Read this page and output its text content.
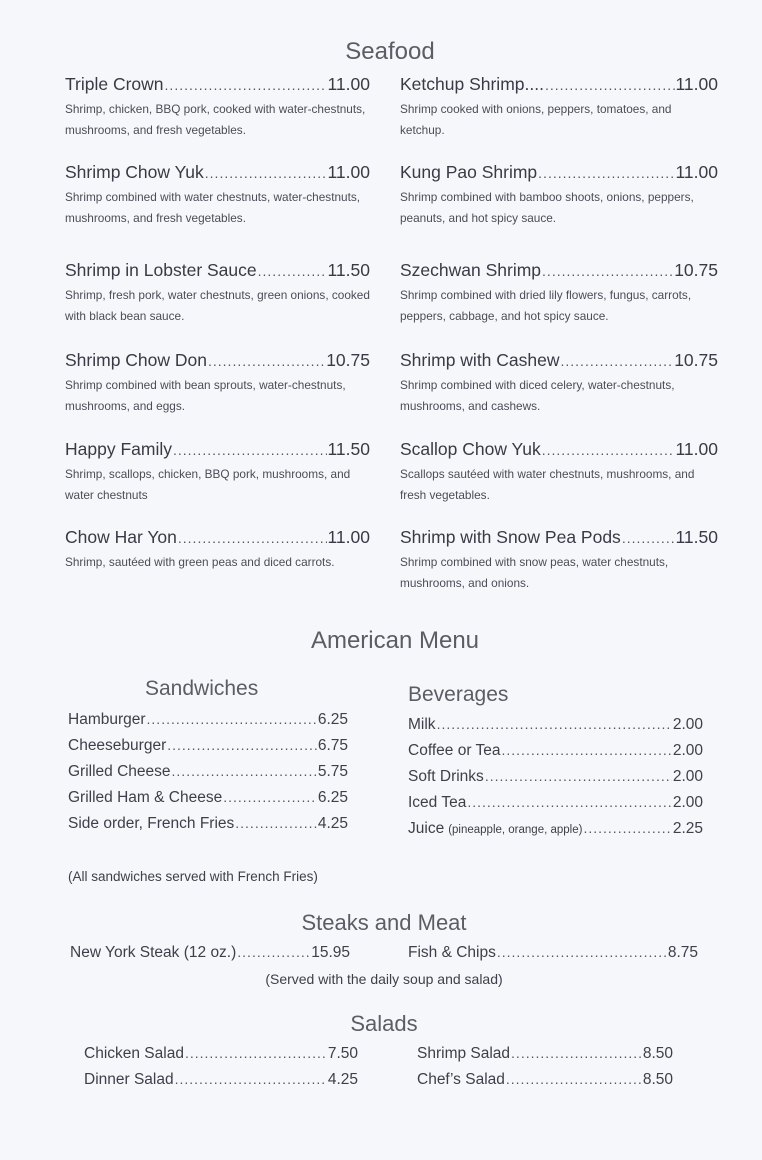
Seafood
Triple Crown .....	11.00
Shrimp, chicken, BBQ pork, cooked with water-chestnuts, mushrooms, and fresh vegetables.
Ketchup Shrimp.... .....	11.00
Shrimp cooked with onions, peppers, tomatoes, and ketchup.
Shrimp Chow Yuk .....	11.00
Shrimp combined with water chestnuts, water-chestnuts, mushrooms, and fresh vegetables.
Kung Pao Shrimp .....	11.00
Shrimp combined with bamboo shoots, onions, peppers, peanuts, and hot spicy sauce.
Shrimp in Lobster Sauce .....	11.50
Shrimp, fresh pork, water chestnuts, green onions, cooked with black bean sauce.
Szechwan Shrimp .....	10.75
Shrimp combined with dried lily flowers, fungus, carrots, peppers, cabbage, and hot spicy sauce.
Shrimp Chow Don .....	10.75
Shrimp combined with bean sprouts, water-chestnuts, mushrooms, and eggs.
Shrimp with Cashew .....	10.75
Shrimp combined with diced celery, water-chestnuts, mushrooms, and cashews.
Happy Family .....	11.50
Shrimp, scallops, chicken, BBQ pork, mushrooms, and water chestnuts
Scallop Chow Yuk .....	11.00
Scallops sautéed with water chestnuts, mushrooms, and fresh vegetables.
Chow Har Yon .....	11.00
Shrimp, sautéed with green peas and diced carrots.
Shrimp with Snow Pea Pods .....	11.50
Shrimp combined with snow peas, water chestnuts, mushrooms, and onions.
American Menu
Sandwiches	Beverages
Hamburger .....	6.25
Cheeseburger .....	6.75
Grilled Cheese .....	5.75
Grilled Ham & Cheese .....	6.25
Side order, French Fries .....	4.25
(All sandwiches served with French Fries)
Milk .....	2.00
Coffee or Tea .....	2.00
Soft Drinks .....	2.00
Iced Tea .....	2.00
Juice (pineapple, orange, apple) .....	2.25
Steaks and Meat
New York Steak (12 oz.) .....	15.95	Fish & Chips .....	8.75
(Served with the daily soup and salad)
Salads
Chicken Salad .....	7.50	Shrimp Salad .....	8.50
Dinner Salad .....	4.25	Chef’s Salad .....	8.50
